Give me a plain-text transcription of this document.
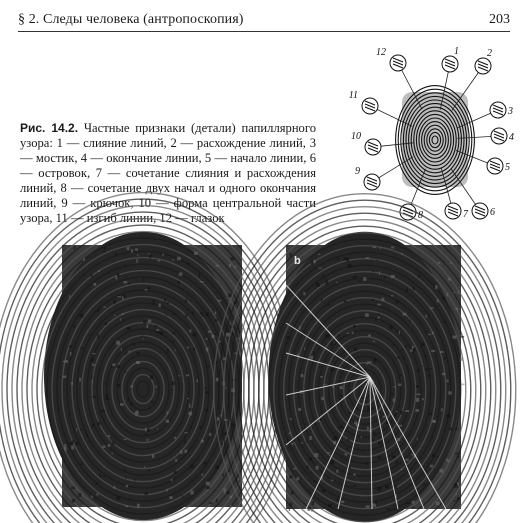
§ 2. Следы человека (антропоскопия)	203
Рис. 14.2. Частные признаки (детали) папиллярного узора: 1 — слияние линий, 2 — расхождение линий, 3 — мостик, 4 — окончание линии, 5 — начало линии, 6 — островок, 7 — сочетание слияния и расхождения линий, 8 — сочетание двух начал и одного окончания линий, 9 — крючок, 10 — форма центральной части узора, 11 — изгиб линии, 12 — глазок
12	1	2
3
4
5
6
7
8
9
10
11
b
